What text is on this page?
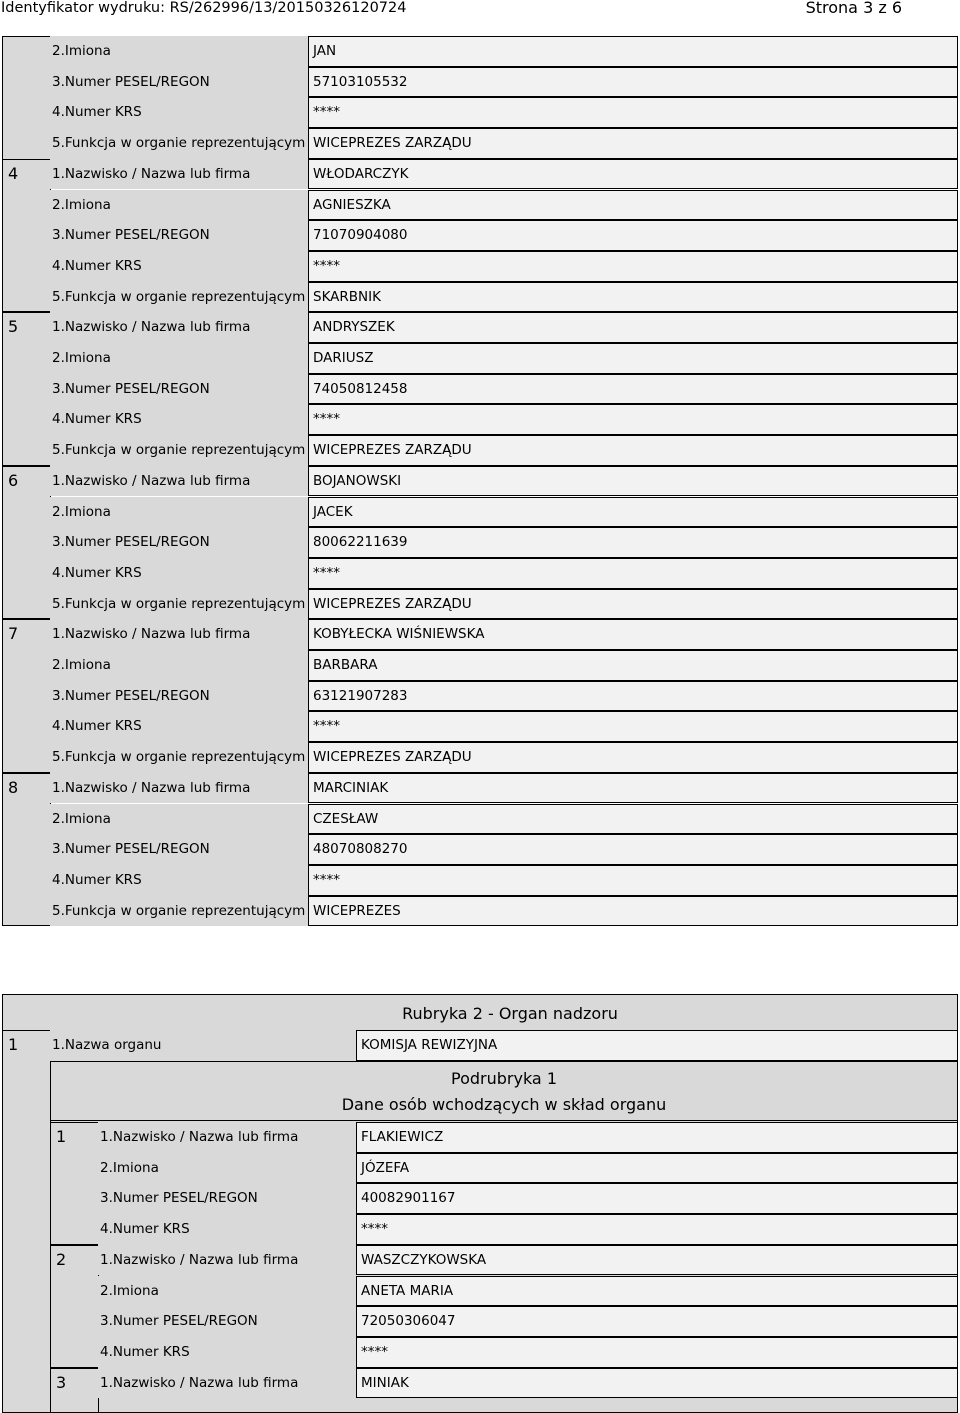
Identyfikator wydruku: RS/262996/13/20150326120724	Strona 3 z 6
2.Imiona	JAN
3.Numer PESEL/REGON	57103105532
4.Numer KRS	****
5.Funkcja w organie reprezentującym WICEPREZES ZARZĄDU
4	1.Nazwisko / Nazwa lub firma	WŁODARCZYK
2.Imiona	AGNIESZKA
3.Numer PESEL/REGON	71070904080
4.Numer KRS	****
5.Funkcja w organie reprezentującym SKARBNIK
5	1.Nazwisko / Nazwa lub firma	ANDRYSZEK
2.Imiona	DARIUSZ
3.Numer PESEL/REGON	74050812458
4.Numer KRS	****
5.Funkcja w organie reprezentującym WICEPREZES ZARZĄDU
6	1.Nazwisko / Nazwa lub firma	BOJANOWSKI
2.Imiona	JACEK
3.Numer PESEL/REGON	80062211639
4.Numer KRS	****
5.Funkcja w organie reprezentującym WICEPREZES ZARZĄDU
7	1.Nazwisko / Nazwa lub firma	KOBYŁECKA WIŚNIEWSKA
2.Imiona	BARBARA
3.Numer PESEL/REGON	63121907283
4.Numer KRS	****
5.Funkcja w organie reprezentującym WICEPREZES ZARZĄDU
8	1.Nazwisko / Nazwa lub firma	MARCINIAK
2.Imiona	CZESŁAW
3.Numer PESEL/REGON	48070808270
4.Numer KRS	****
5.Funkcja w organie reprezentującym WICEPREZES
Rubryka 2 - Organ nadzoru
1	1.Nazwa organu	KOMISJA REWIZYJNA
Podrubryka 1
Dane osób wchodzących w skład organu
1	1.Nazwisko / Nazwa lub firma	FLAKIEWICZ
2.Imiona	JÓZEFA
3.Numer PESEL/REGON	40082901167
4.Numer KRS	****
2	1.Nazwisko / Nazwa lub firma	WASZCZYKOWSKA
2.Imiona	ANETA MARIA
3.Numer PESEL/REGON	72050306047
4.Numer KRS	****
3	1.Nazwisko / Nazwa lub firma	MINIAK
